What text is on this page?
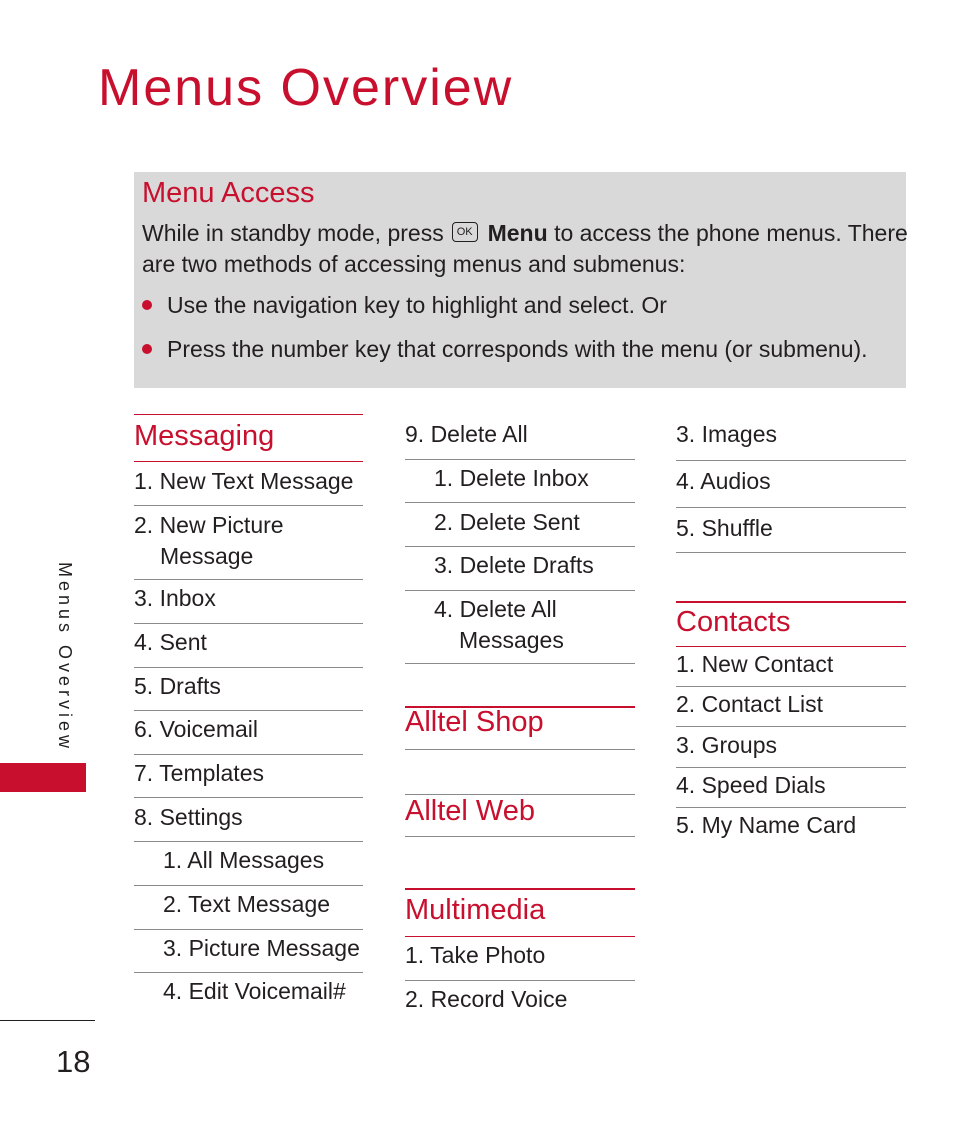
Menus Overview
Menu Access
While in standby mode, press OK Menu to access the phone menus. There
are two methods of accessing menus and submenus:
Use the navigation key to highlight and select. Or
Press the number key that corresponds with the menu (or submenu).
Menus Overview
18
Messaging
1. New Text Message
2. New Picture
Message
3. Inbox
4. Sent
5. Drafts
6. Voicemail
7. Templates
8. Settings
1. All Messages
2. Text Message
3. Picture Message
4. Edit Voicemail#
9. Delete All
1. Delete Inbox
2. Delete Sent
3. Delete Drafts
4. Delete All
Messages
Alltel Shop
Alltel Web
Multimedia
1. Take Photo
2. Record Voice
3. Images
4. Audios
5. Shuffle
Contacts
1. New Contact
2. Contact List
3. Groups
4. Speed Dials
5. My Name Card
